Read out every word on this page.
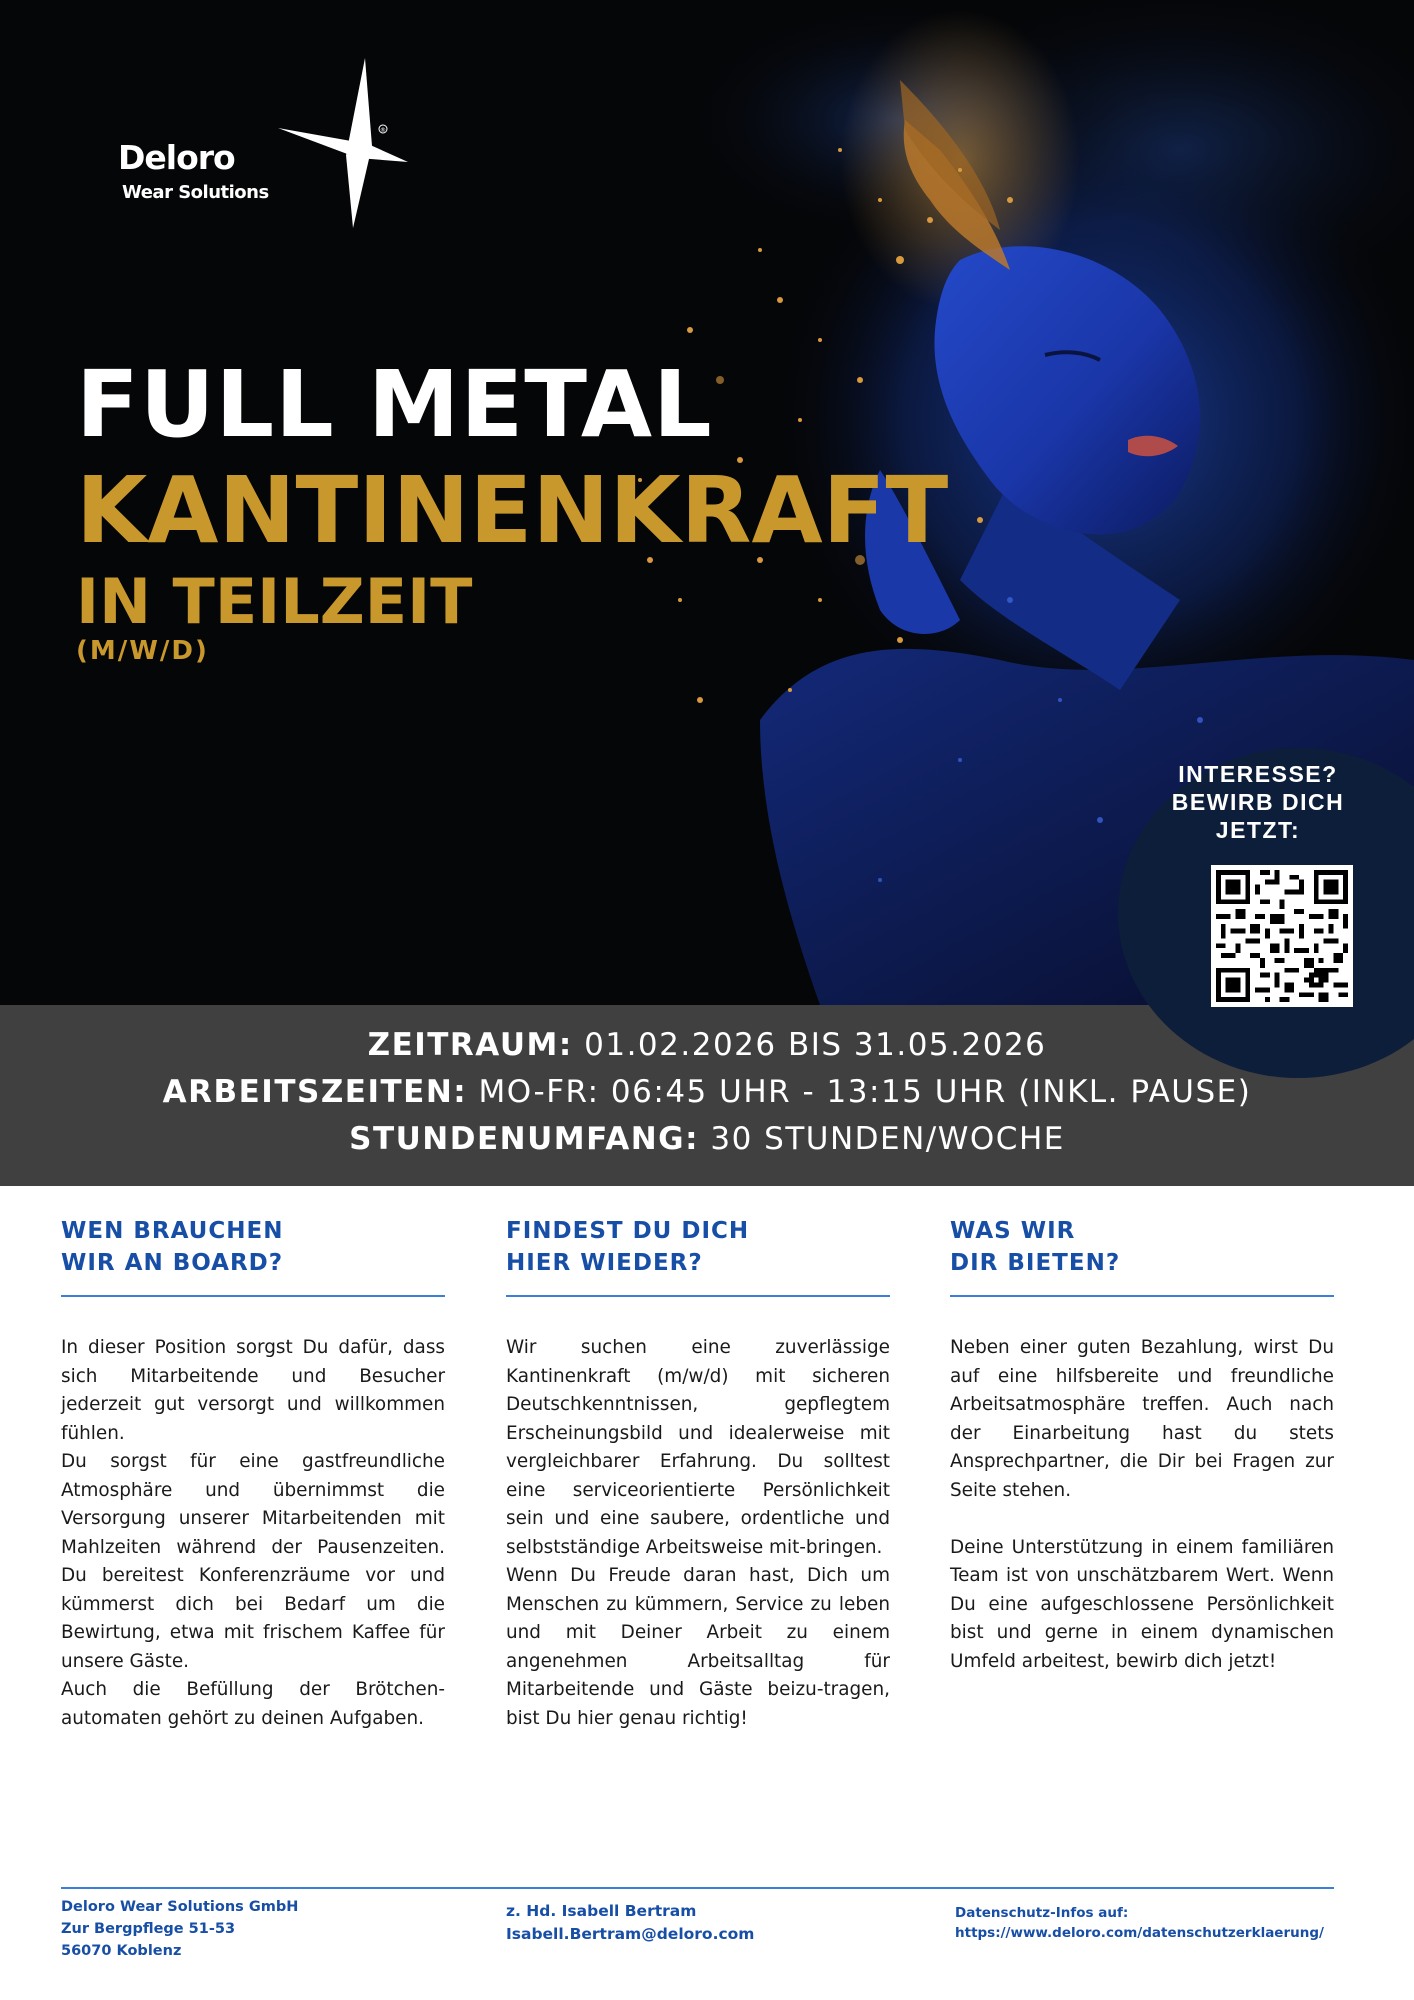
®
Deloro
Wear Solutions
FULL METAL
KANTINENKRAFT
IN TEILZEIT
(M/W/D)
INTERESSE?
BEWIRB DICH
JETZT:
ZEITRAUM: 01.02.2026 BIS 31.05.2026
ARBEITSZEITEN: MO-FR: 06:45 UHR - 13:15 UHR (INKL. PAUSE)
STUNDENUMFANG: 30 STUNDEN/WOCHE
WEN BRAUCHEN
WIR AN BOARD?

In dieser Position sorgst Du dafür, dass sich Mitarbeitende und Besucher jederzeit gut versorgt und willkommen fühlen.

Du sorgst für eine gastfreundliche Atmosphäre und übernimmst die Versorgung unserer Mitarbeitenden mit Mahlzeiten während der Pausenzeiten. Du bereitest Konferenzräume vor und kümmerst dich bei Bedarf um die Bewirtung, etwa mit frischem Kaffee für unsere Gäste.

Auch die Befüllung der Brötchen-automaten gehört zu deinen Aufgaben.

FINDEST DU DICH
HIER WIEDER?

Wir suchen eine zuverlässige Kantinenkraft (m/w/d) mit sicheren Deutschkenntnissen, gepflegtem Erscheinungsbild und idealerweise mit vergleichbarer Erfahrung. Du solltest eine serviceorientierte Persönlichkeit sein und eine saubere, ordentliche und selbstständige Arbeitsweise mit-bringen.

Wenn Du Freude daran hast, Dich um Menschen zu kümmern, Service zu leben und mit Deiner Arbeit zu einem angenehmen Arbeitsalltag für Mitarbeitende und Gäste beizu-tragen, bist Du hier genau richtig!

WAS WIR
DIR BIETEN?

Neben einer guten Bezahlung, wirst Du auf eine hilfsbereite und freundliche Arbeitsatmosphäre treffen. Auch nach der Einarbeitung hast du stets Ansprechpartner, die Dir bei Fragen zur Seite stehen.

Deine Unterstützung in einem familiären Team ist von unschätzbarem Wert. Wenn Du eine aufgeschlossene Persönlichkeit bist und gerne in einem dynamischen Umfeld arbeitest, bewirb dich jetzt!

Deloro Wear Solutions GmbH
Zur Bergpflege 51-53
56070 Koblenz
z. Hd. Isabell Bertram
Isabell.Bertram@deloro.com
Datenschutz-Infos auf:
https://www.deloro.com/datenschutzerklaerung/
